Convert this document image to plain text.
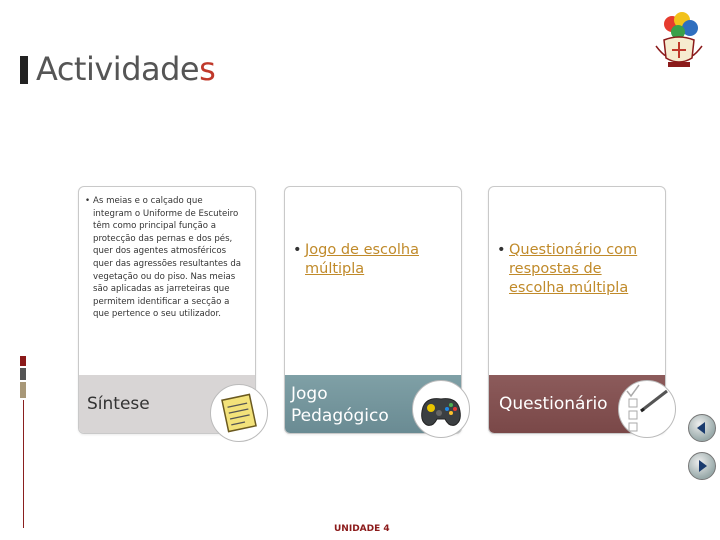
Actividades
• As meias e o calçado que integram o Uniforme de Escuteiro têm como principal função a protecção das pernas e dos pés, quer dos agentes atmosféricos quer das agressões resultantes da vegetação ou do piso. Nas meias são aplicadas as jarreteiras que permitem identificar a secção a que pertence o seu utilizador.
Síntese
• Jogo de escolha múltipla
Jogo Pedagógico
• Questionário com respostas de escolha múltipla
Questionário
UNIDADE 4
